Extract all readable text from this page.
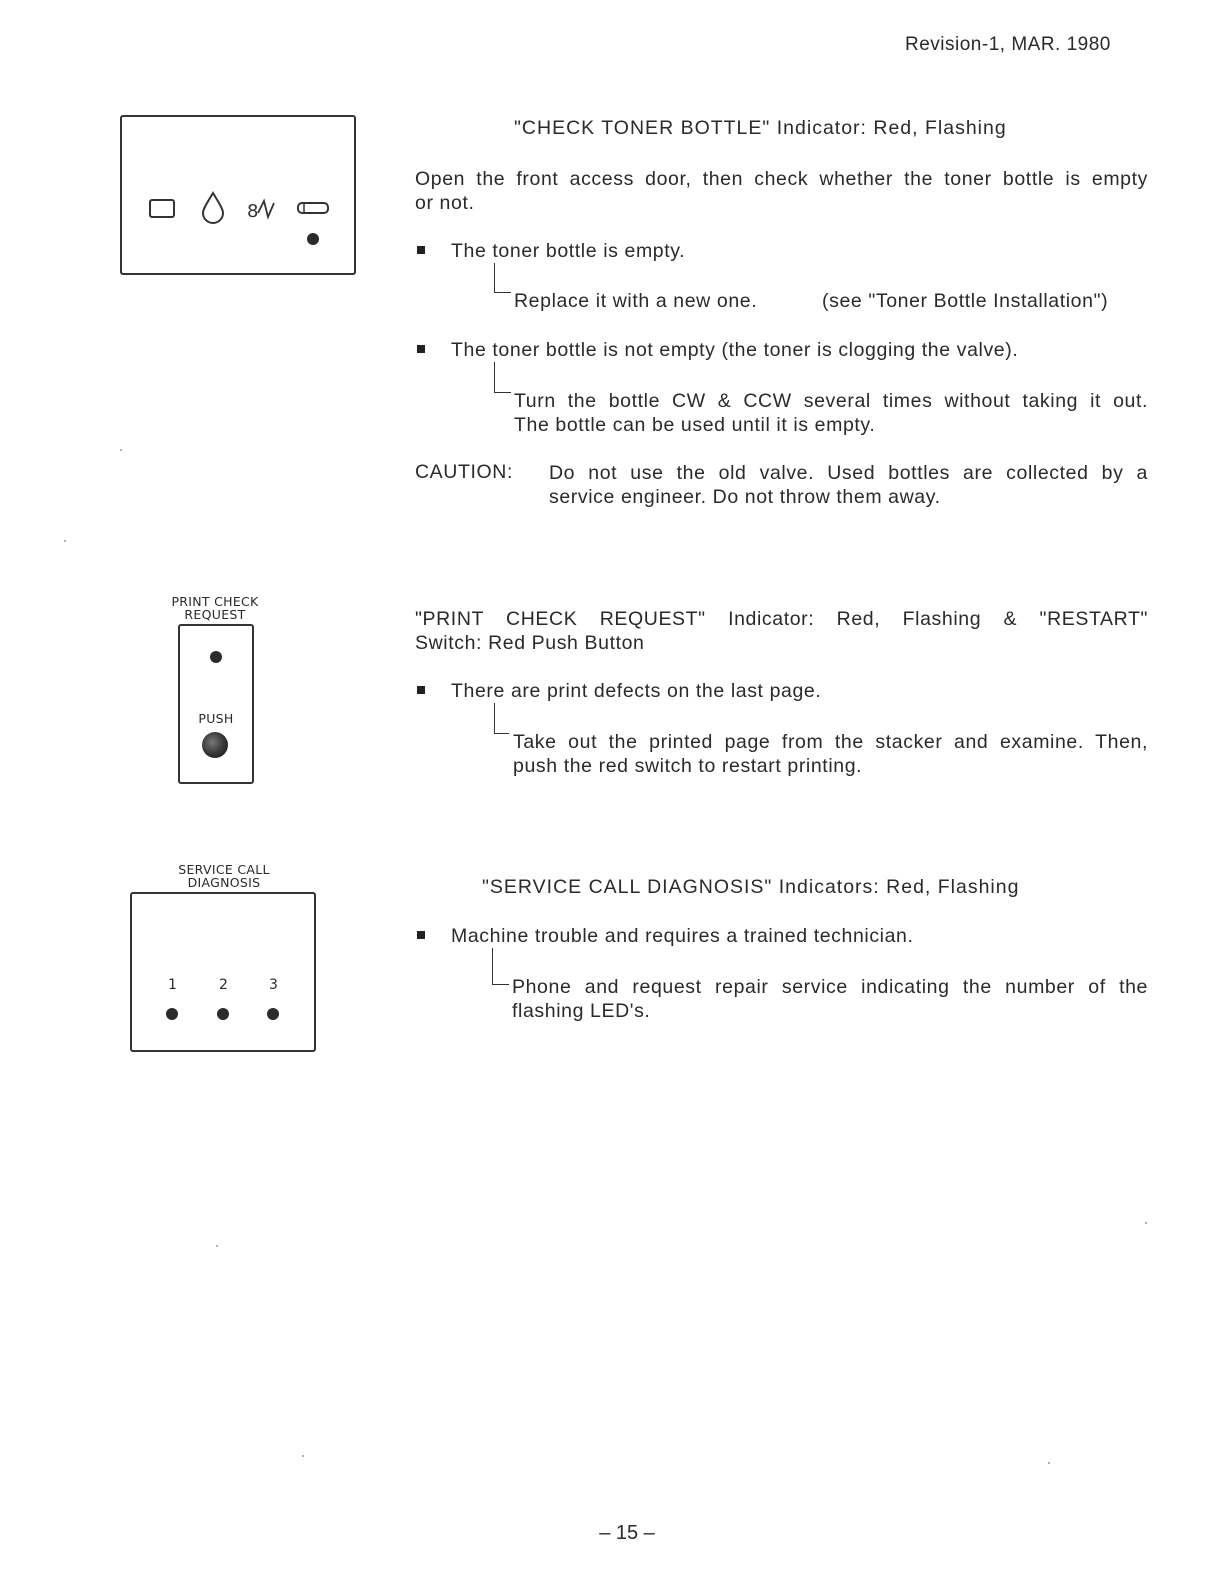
Revision-1, MAR. 1980
8
"CHECK TONER BOTTLE" Indicator: Red, Flashing
Open the front access door, then check whether the toner bottle is empty
or not.
The toner bottle is empty.
Replace it with a new one.	(see "Toner Bottle Installation")
The toner bottle is not empty (the toner is clogging the valve).
Turn the bottle CW & CCW several times without taking it out.
The bottle can be used until it is empty.
CAUTION: Do not use the old valve. Used bottles are collected by a
service engineer. Do not throw them away.
PRINT CHECK
REQUEST
PUSH
"PRINT CHECK REQUEST" Indicator: Red, Flashing & "RESTART"
Switch: Red Push Button
There are print defects on the last page.
Take out the printed page from the stacker and examine. Then,
push the red switch to restart printing.
SERVICE CALL
DIAGNOSIS
1	2	3
"SERVICE CALL DIAGNOSIS" Indicators: Red, Flashing
Machine trouble and requires a trained technician.
Phone and request repair service indicating the number of the
flashing LED's.
– 15 –
